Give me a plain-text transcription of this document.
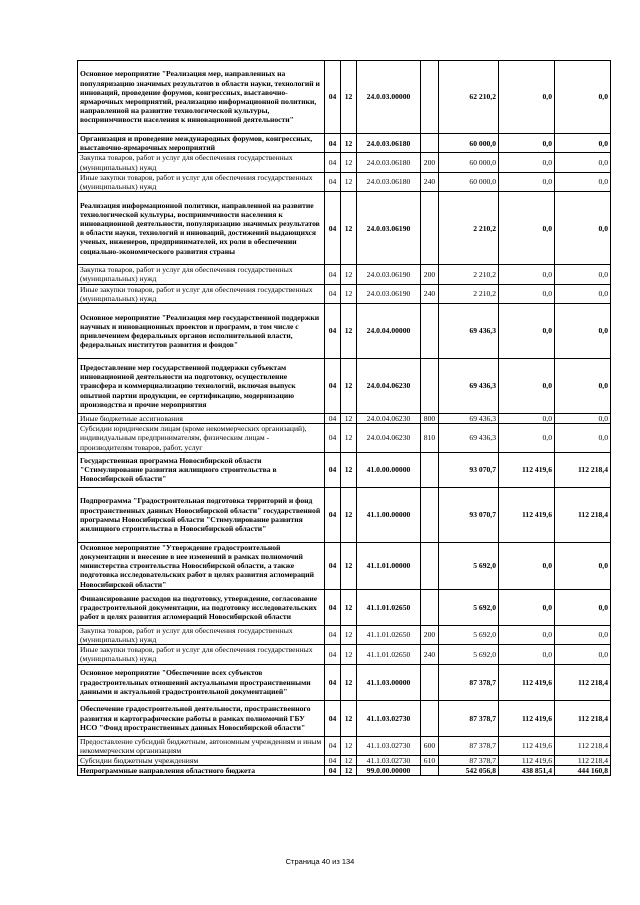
Основное мероприятие "Реализация мер, направленных на популяризацию значимых результатов в области науки, технологий и инноваций, проведение форумов, конгрессных, выставочно-ярмарочных мероприятий, реализацию информационной политики, направленной на развитие технологической культуры, восприимчивости населения к инновационной деятельности"	04	12	24.0.03.00000		62 210,2	0,0	0,0
Организация и проведение международных форумов, конгрессных, выставочно-ярмарочных мероприятий	04	12	24.0.03.06180		60 000,0	0,0	0,0
Закупка товаров, работ и услуг для обеспечения государственных (муниципальных) нужд	04	12	24.0.03.06180	200	60 000,0	0,0	0,0
Иные закупки товаров, работ и услуг для обеспечения государственных (муниципальных) нужд	04	12	24.0.03.06180	240	60 000,0	0,0	0,0
Реализация информационной политики, направленной на развитие технологической культуры, восприимчивости населения к инновационной деятельности, популяризацию значимых результатов в области науки, технологий и инноваций, достижений выдающихся ученых, инженеров, предпринимателей, их роли в обеспечении социально-экономического развития страны	04	12	24.0.03.06190		2 210,2	0,0	0,0
Закупка товаров, работ и услуг для обеспечения государственных (муниципальных) нужд	04	12	24.0.03.06190	200	2 210,2	0,0	0,0
Иные закупки товаров, работ и услуг для обеспечения государственных (муниципальных) нужд	04	12	24.0.03.06190	240	2 210,2	0,0	0,0
Основное мероприятие "Реализация мер государственной поддержки научных и инновационных проектов и программ, в том числе с привлечением федеральных органов исполнительной власти, федеральных институтов развития и фондов"	04	12	24.0.04.00000		69 436,3	0,0	0,0
Предоставление мер государственной поддержки субъектам инновационной деятельности на подготовку, осуществление трансфера и коммерциализацию технологий, включая выпуск опытной партии продукции, ее сертификацию, модернизацию производства и прочие мероприятия	04	12	24.0.04.06230		69 436,3	0,0	0,0
Иные бюджетные ассигнования	04	12	24.0.04.06230	800	69 436,3	0,0	0,0
Субсидии юридическим лицам (кроме некоммерческих организаций), индивидуальным предпринимателям, физическим лицам - производителям товаров, работ, услуг	04	12	24.0.04.06230	810	69 436,3	0,0	0,0
Государственная программа Новосибирской области "Стимулирование развития жилищного строительства в Новосибирской области"	04	12	41.0.00.00000		93 070,7	112 419,6	112 218,4
Подпрограмма "Градостроительная подготовка территорий и фонд пространственных данных Новосибирской области" государственной программы Новосибирской области "Стимулирование развития жилищного строительства в Новосибирской области"	04	12	41.1.00.00000		93 070,7	112 419,6	112 218,4
Основное мероприятие "Утверждение градостроительной документации и внесение в нее изменений в рамках полномочий министерства строительства Новосибирской области, а также подготовка исследовательских работ в целях развития агломераций Новосибирской области"	04	12	41.1.01.00000		5 692,0	0,0	0,0
Финансирование расходов на подготовку, утверждение, согласование градостроительной документации, на подготовку исследовательских работ в целях развития агломераций Новосибирской области	04	12	41.1.01.02650		5 692,0	0,0	0,0
Закупка товаров, работ и услуг для обеспечения государственных (муниципальных) нужд	04	12	41.1.01.02650	200	5 692,0	0,0	0,0
Иные закупки товаров, работ и услуг для обеспечения государственных (муниципальных) нужд	04	12	41.1.01.02650	240	5 692,0	0,0	0,0
Основное мероприятие "Обеспечение всех субъектов градостроительных отношений актуальными пространственными данными и актуальной градостроительной документацией"	04	12	41.1.03.00000		87 378,7	112 419,6	112 218,4
Обеспечение градостроительной деятельности, пространственного развития и картографические работы в рамках полномочий ГБУ НСО "Фонд пространственных данных Новосибирской области"	04	12	41.1.03.02730		87 378,7	112 419,6	112 218,4
Предоставление субсидий бюджетным, автономным учреждениям и иным некоммерческим организациям	04	12	41.1.03.02730	600	87 378,7	112 419,6	112 218,4
Субсидии бюджетным учреждениям	04	12	41.1.03.02730	610	87 378,7	112 419,6	112 218,4
Непрограммные направления областного бюджета	04	12	99.0.00.00000		542 056,8	438 851,4	444 160,8
Страница 40 из 134
